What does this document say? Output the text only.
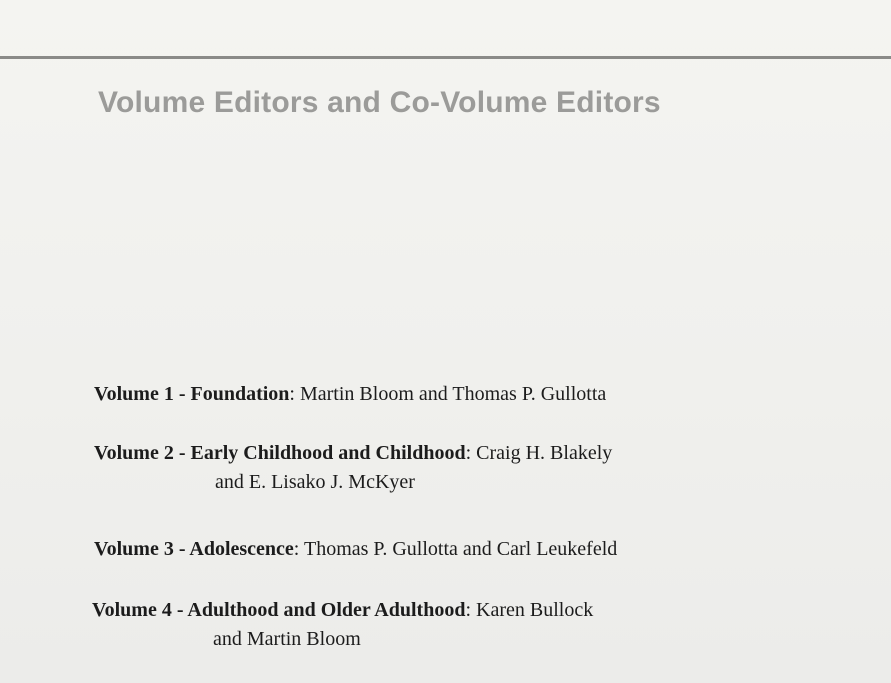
Volume Editors and Co-Volume Editors
Volume 1 - Foundation: Martin Bloom and Thomas P. Gullotta
Volume 2 - Early Childhood and Childhood: Craig H. Blakely
and E. Lisako J. McKyer
Volume 3 - Adolescence: Thomas P. Gullotta and Carl Leukefeld
Volume 4 - Adulthood and Older Adulthood: Karen Bullock
and Martin Bloom
